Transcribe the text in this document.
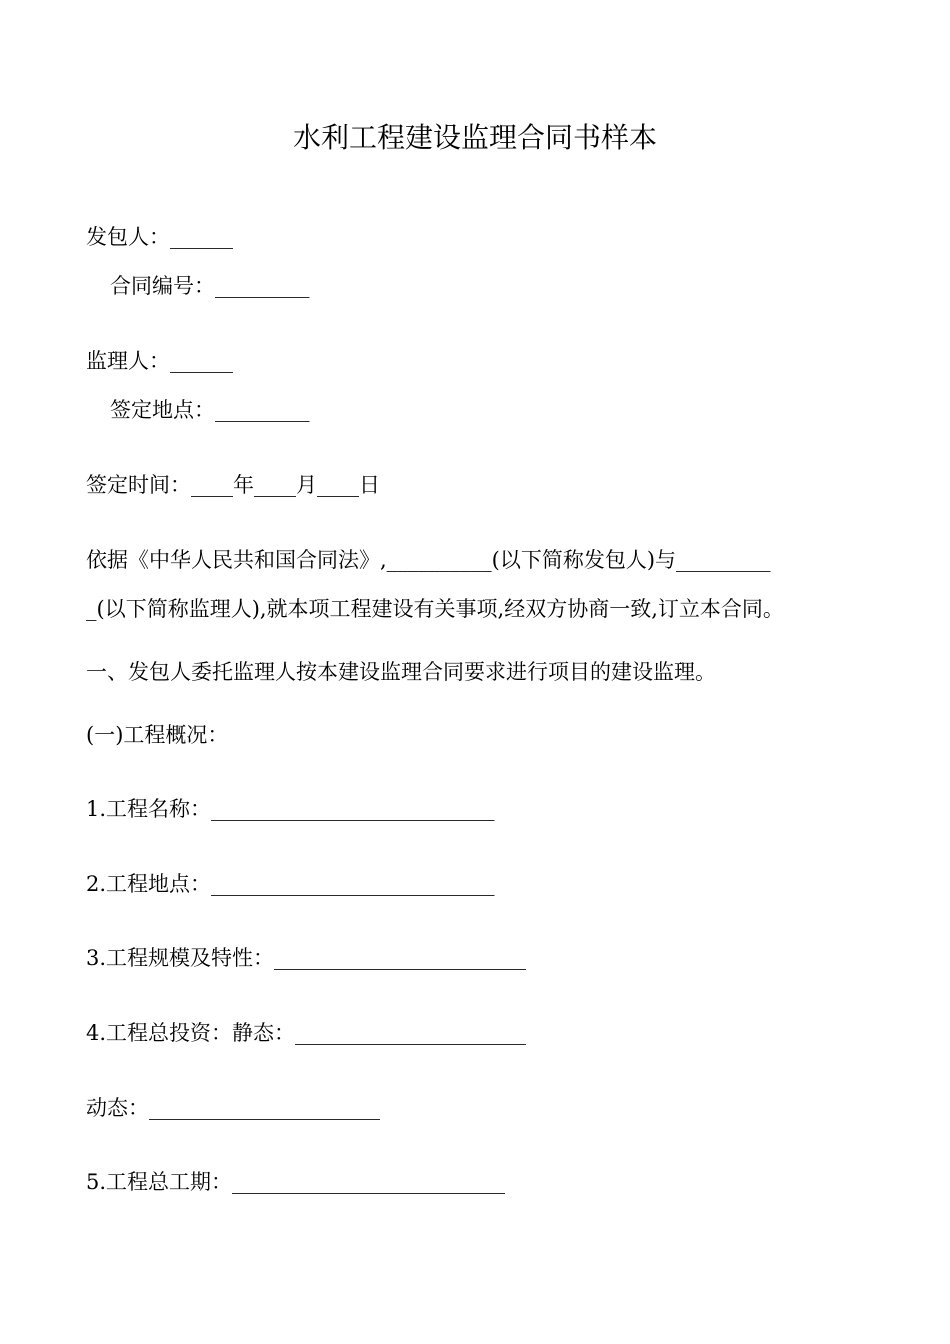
水利工程建设监理合同书样本
发包人：______
合同编号：_________
监理人：______
签定地点：_________
签定时间：____年____月____日
依据《中华人民共和国合同法》,__________(以下简称发包人)与_________
_(以下简称监理人),就本项工程建设有关事项,经双方协商一致,订立本合同。
一、发包人委托监理人按本建设监理合同要求进行项目的建设监理。
(一)工程概况：
1.工程名称：___________________________
2.工程地点：___________________________
3.工程规模及特性：________________________
4.工程总投资：静态：______________________
动态：______________________
5.工程总工期：__________________________
